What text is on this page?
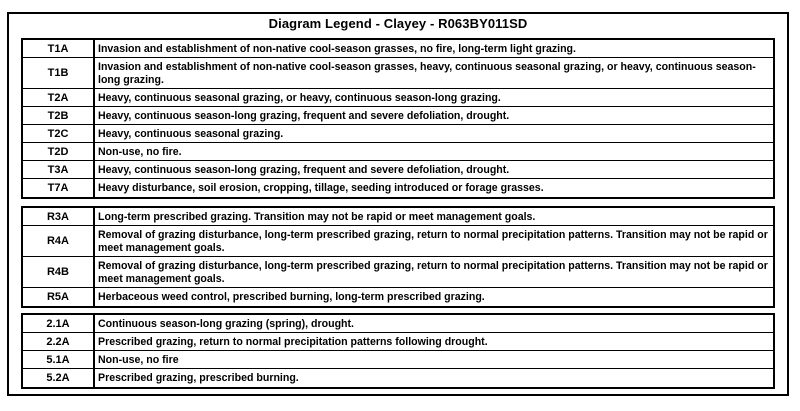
Diagram Legend - Clayey - R063BY011SD
T1A	Invasion and establishment of non-native cool-season grasses, no fire, long-term light grazing.
T1B	Invasion and establishment of non-native cool-season grasses, heavy, continuous seasonal grazing, or heavy, continuous season-long grazing.
T2A	Heavy, continuous seasonal grazing, or heavy, continuous season-long grazing.
T2B	Heavy, continuous season-long grazing, frequent and severe defoliation, drought.
T2C	Heavy, continuous seasonal grazing.
T2D	Non-use, no fire.
T3A	Heavy, continuous season-long grazing, frequent and severe defoliation, drought.
T7A	Heavy disturbance, soil erosion, cropping, tillage, seeding introduced or forage grasses.
R3A	Long-term prescribed grazing. Transition may not be rapid or meet management goals.
R4A	Removal of grazing disturbance, long-term prescribed grazing, return to normal precipitation patterns. Transition may not be rapid or meet management goals.
R4B	Removal of grazing disturbance, long-term prescribed grazing, return to normal precipitation patterns. Transition may not be rapid or meet management goals.
R5A	Herbaceous weed control, prescribed burning, long-term prescribed grazing.
2.1A	Continuous season-long grazing (spring), drought.
2.2A	Prescribed grazing, return to normal precipitation patterns following drought.
5.1A	Non-use, no fire
5.2A	Prescribed grazing, prescribed burning.
